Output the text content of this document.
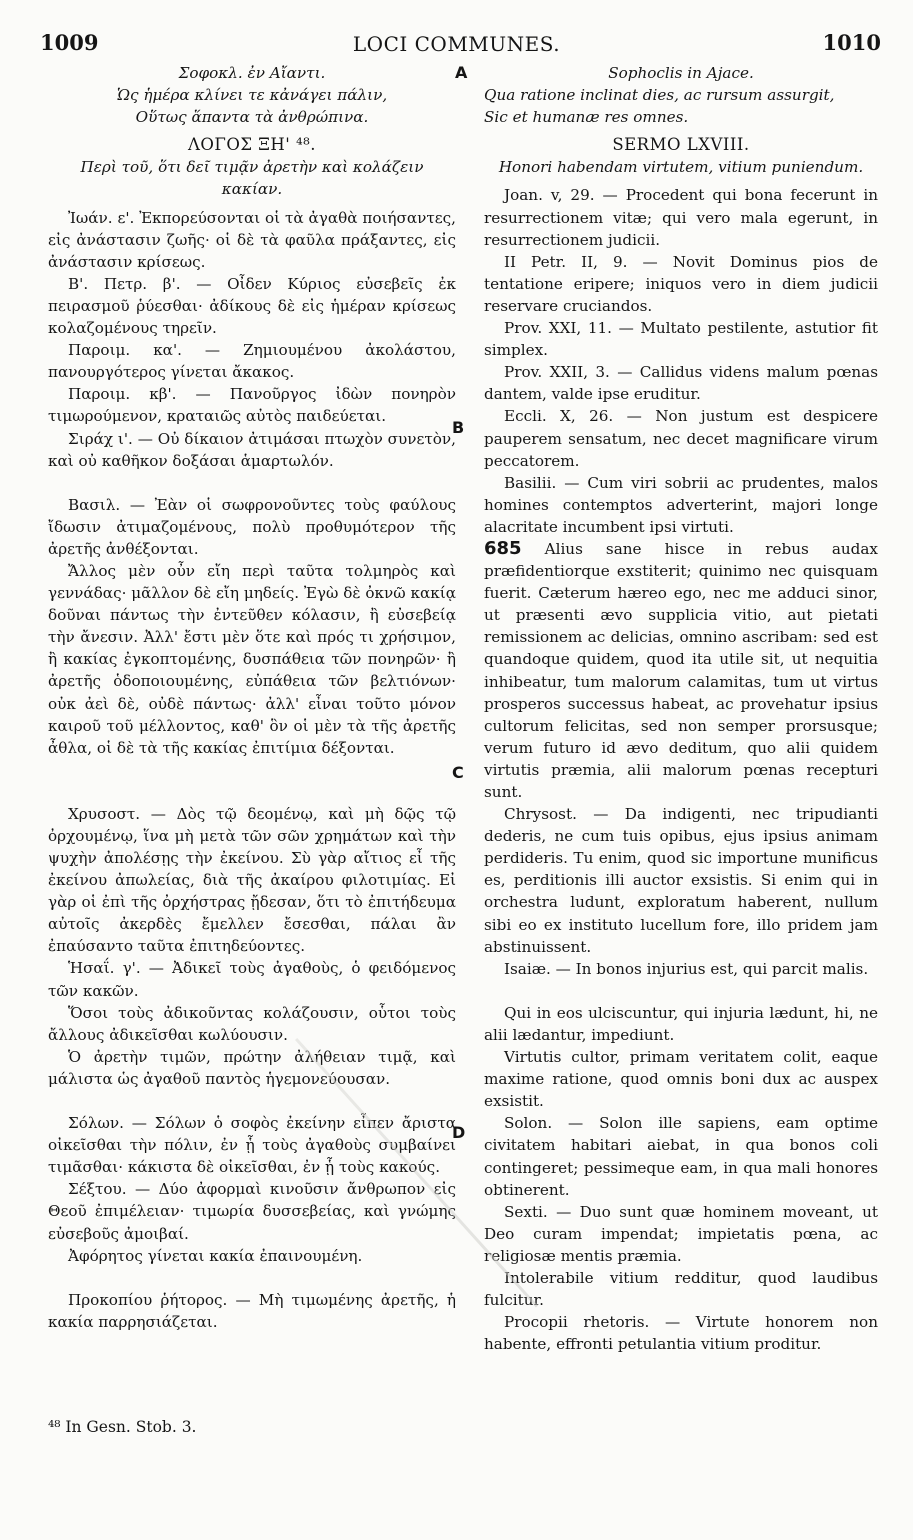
1009	LOCI COMMUNES.	1010
A
B
C
D

Σοφοκλ. ἐν Αἴαντι.

Ὡς ἡμέρα κλίνει τε κἀνάγει πάλιν,

Οὕτως ἅπαντα τὰ ἀνθρώπινα.

ΛΟΓΟΣ ΞΗ' ⁴⁸.

Περὶ τοῦ, ὅτι δεῖ τιμᾷν ἀρετὴν καὶ κολάζειν κακίαν.

Ἰωάν. ε'. Ἐκπορεύσονται οἱ τὰ ἀγαθὰ ποιήσαντες, εἰς ἀνάστασιν ζωῆς· οἱ δὲ τὰ φαῦλα πράξαντες, εἰς ἀνάστασιν κρίσεως.

Β'. Πετρ. β'. — Οἶδεν Κύριος εὐσεβεῖς ἐκ πειρασμοῦ ῥύεσθαι· ἀδίκους δὲ εἰς ἡμέραν κρίσεως κολαζομένους τηρεῖν.

Παροιμ. κα'. — Ζημιουμένου ἀκολάστου, πανουργότερος γίνεται ἄκακος.

Παροιμ. κβ'. — Πανοῦργος ἰδὼν πονηρὸν τιμωρούμενον, κραταιῶς αὐτὸς παιδεύεται.

Σιράχ ι'. — Οὐ δίκαιον ἀτιμάσαι πτωχὸν συνετὸν, καὶ οὐ καθῆκον δοξάσαι ἁμαρτωλόν.

Βασιλ. — Ἐὰν οἱ σωφρονοῦντες τοὺς φαύλους ἴδωσιν ἀτιμαζομένους, πολὺ προθυμότερον τῆς ἀρετῆς ἀνθέξονται.

Ἄλλος μὲν οὖν εἴη περὶ ταῦτα τολμηρὸς καὶ γεννάδας· μᾶλλον δὲ εἴη μηδείς. Ἐγὼ δὲ ὀκνῶ κακίᾳ δοῦναι πάντως τὴν ἐντεῦθεν κόλασιν, ἢ εὐσεβείᾳ τὴν ἄνεσιν. Ἀλλ' ἔστι μὲν ὅτε καὶ πρός τι χρήσιμον, ἢ κακίας ἐγκοπτομένης, δυσπάθεια τῶν πονηρῶν· ἢ ἀρετῆς ὁδοποιουμένης, εὐπάθεια τῶν βελτιόνων· οὐκ ἀεὶ δὲ, οὐδὲ πάντως· ἀλλ' εἶναι τοῦτο μόνον καιροῦ τοῦ μέλλοντος, καθ' ὃν οἱ μὲν τὰ τῆς ἀρετῆς ἆθλα, οἱ δὲ τὰ τῆς κακίας ἐπιτίμια δέξονται.

Χρυσοστ. — Δὸς τῷ δεομένῳ, καὶ μὴ δῷς τῷ ὀρχουμένῳ, ἵνα μὴ μετὰ τῶν σῶν χρημάτων καὶ τὴν ψυχὴν ἀπολέσῃς τὴν ἐκείνου. Σὺ γὰρ αἴτιος εἶ τῆς ἐκείνου ἀπωλείας, διὰ τῆς ἀκαίρου φιλοτιμίας. Εἰ γὰρ οἱ ἐπὶ τῆς ὀρχήστρας ᾔδεσαν, ὅτι τὸ ἐπιτήδευμα αὐτοῖς ἀκερδὲς ἔμελλεν ἔσεσθαι, πάλαι ἂν ἐπαύσαντο ταῦτα ἐπιτηδεύοντες.

Ἡσαΐ. γ'. — Ἀδικεῖ τοὺς ἀγαθοὺς, ὁ φειδόμενος τῶν κακῶν.

Ὅσοι τοὺς ἀδικοῦντας κολάζουσιν, οὗτοι τοὺς ἄλλους ἀδικεῖσθαι κωλύουσιν.

Ὁ ἀρετὴν τιμῶν, πρώτην ἀλήθειαν τιμᾷ, καὶ μάλιστα ὡς ἀγαθοῦ παντὸς ἡγεμονεύουσαν.

Σόλων. — Σόλων ὁ σοφὸς ἐκείνην εἶπεν ἄριστα οἰκεῖσθαι τὴν πόλιν, ἐν ᾗ τοὺς ἀγαθοὺς συμβαίνει τιμᾶσθαι· κάκιστα δὲ οἰκεῖσθαι, ἐν ᾗ τοὺς κακούς.

Σέξτου. — Δύο ἀφορμαὶ κινοῦσιν ἄνθρωπον εἰς Θεοῦ ἐπιμέλειαν· τιμωρία δυσσεβείας, καὶ γνώμης εὐσεβοῦς ἀμοιβαί.

Ἀφόρητος γίνεται κακία ἐπαινουμένη.

Προκοπίου ῥήτορος. — Μὴ τιμωμένης ἀρετῆς, ἡ κακία παρρησιάζεται.

Sophoclis in Ajace.

Qua ratione inclinat dies, ac rursum assurgit,

Sic et humanæ res omnes.

SERMO LXVIII.

Honori habendam virtutem, vitium puniendum.

Joan. v, 29. — Procedent qui bona fecerunt in resurrectionem vitæ; qui vero mala egerunt, in resurrectionem judicii.

II Petr. II, 9. — Novit Dominus pios de tentatione eripere; iniquos vero in diem judicii reservare cruciandos.

Prov. XXI, 11. — Multato pestilente, astutior fit simplex.

Prov. XXII, 3. — Callidus videns malum pœnas dantem, valde ipse eruditur.

Eccli. X, 26. — Non justum est despicere pauperem sensatum, nec decet magnificare virum peccatorem.

Basilii. — Cum viri sobrii ac prudentes, malos homines contemptos adverterint, majori longe alacritate incumbent ipsi virtuti.

685 Alius sane hisce in rebus audax præfidentiorque exstiterit; quinimo nec quisquam fuerit. Cæterum hæreo ego, nec me adduci sinor, ut præsenti ævo supplicia vitio, aut pietati remissionem ac delicias, omnino ascribam: sed est quandoque quidem, quod ita utile sit, ut nequitia inhibeatur, tum malorum calamitas, tum ut virtus prosperos successus habeat, ac provehatur ipsius cultorum felicitas, sed non semper prorsusque; verum futuro id ævo deditum, quo alii quidem virtutis præmia, alii malorum pœnas recepturi sunt.

Chrysost. — Da indigenti, nec tripudianti dederis, ne cum tuis opibus, ejus ipsius animam perdideris. Tu enim, quod sic importune munificus es, perditionis illi auctor exsistis. Si enim qui in orchestra ludunt, exploratum haberent, nullum sibi eo ex instituto lucellum fore, illo pridem jam abstinuissent.

Isaiæ. — In bonos injurius est, qui parcit malis.

Qui in eos ulciscuntur, qui injuria lædunt, hi, ne alii lædantur, impediunt.

Virtutis cultor, primam veritatem colit, eaque maxime ratione, quod omnis boni dux ac auspex exsistit.

Solon. — Solon ille sapiens, eam optime civitatem habitari aiebat, in qua bonos coli contingeret; pessimeque eam, in qua mali honores obtinerent.

Sexti. — Duo sunt quæ hominem moveant, ut Deo curam impendat; impietatis pœna, ac religiosæ mentis præmia.

Intolerabile vitium redditur, quod laudibus fulcitur.

Procopii rhetoris. — Virtute honorem non habente, effronti petulantia vitium proditur.

⁴⁸ In Gesn. Stob. 3.
